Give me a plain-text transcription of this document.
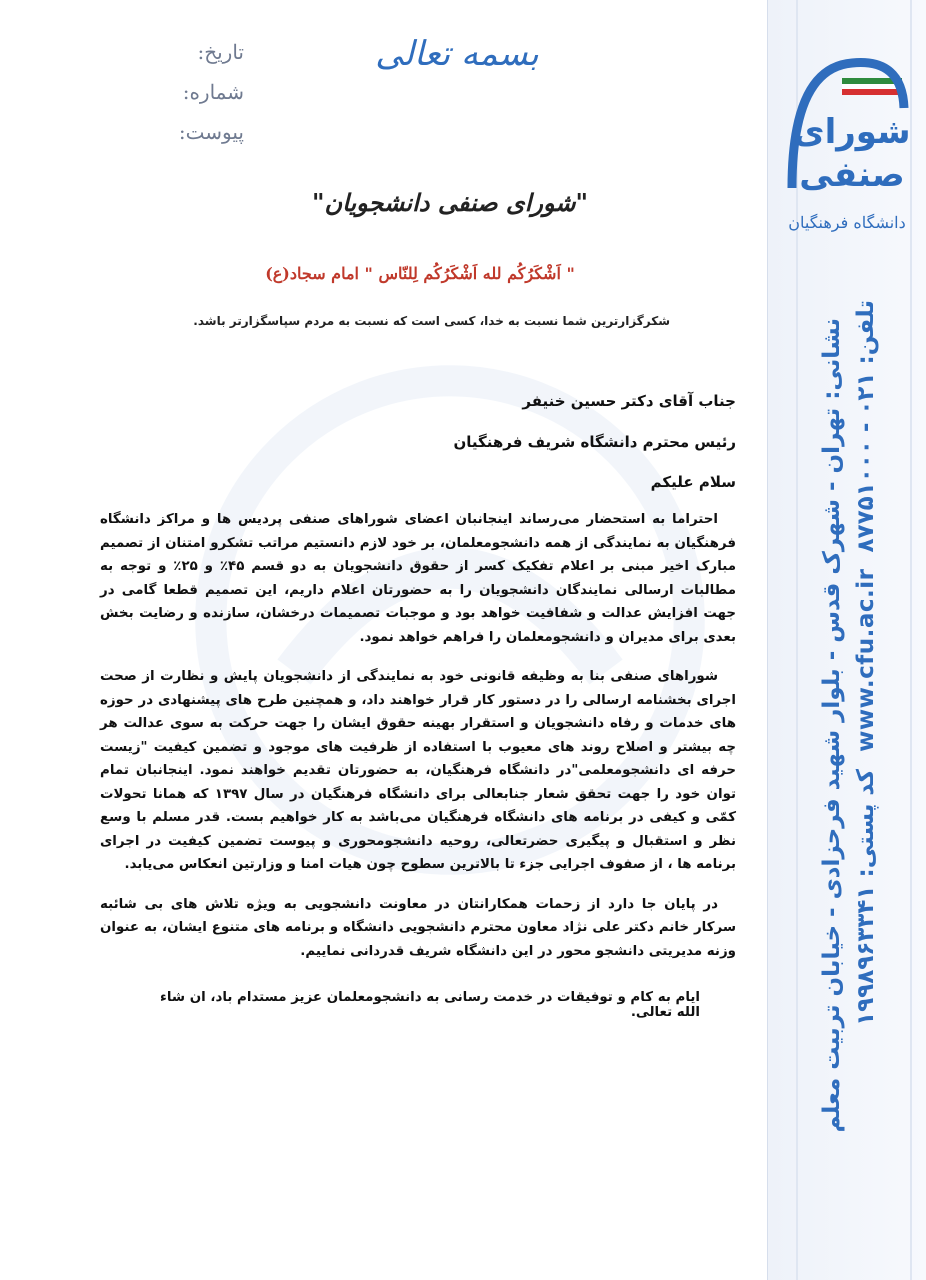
شورای
صنفی
دانشگاه فرهنگیان
نشانی: تهران - شهرک قدس - بلوار شهید فرحزادی - خیابان تربیت معلم تلفن: ۰۲۱ - ۸۷۷۵۱۰۰۰  www.cfu.ac.ir  کد پستی: ۱۹۹۸۹۶۳۳۴۱
تاریخ:
شماره:
پیوست:
بسمه تعالی
"شورای صنفی دانشجویان"
" اَشْکَرُکُم لله اَشْکَرُکُم لِلنّاس " امام سجاد(ع)
شکرگزارترین شما نسبت به خدا، کسی است که نسبت به مردم سپاسگزارتر باشد.
جناب آقای دکتر حسین خنیفر
رئیس محترم دانشگاه شریف فرهنگیان
سلام علیکم

احتراما به استحضار می‌رساند اینجانبان اعضای شوراهای صنفی پردیس ها و مراکز دانشگاه فرهنگیان به نمایندگی از همه دانشجومعلمان، بر خود لازم دانستیم مراتب تشکرو امتنان از تصمیم مبارک اخیر مبنی بر اعلام تفکیک کسر از حقوق دانشجویان به دو قسم ۴۵٪ و ۲۵٪ و توجه به مطالبات ارسالی نمایندگان دانشجویان را به حضورتان اعلام داریم، این تصمیم قطعا گامی در جهت افزایش عدالت و شفافیت خواهد بود و موجبات تصمیمات درخشان، سازنده و رضایت بخش بعدی برای مدیران و دانشجومعلمان را فراهم خواهد نمود.

شوراهای صنفی بنا به وظیفه قانونی خود به نمایندگی از دانشجویان پایش و نظارت از صحت اجرای بخشنامه ارسالی را در دستور کار قرار خواهند داد، و همچنین طرح های پیشنهادی در حوزه های خدمات و رفاه دانشجویان و استقرار بهینه حقوق ایشان را جهت حرکت به سوی عدالت هر چه بیشتر و اصلاح روند های معیوب با استفاده از ظرفیت های موجود و تضمین کیفیت "زیست حرفه ای دانشجومعلمی"در دانشگاه فرهنگیان، به حضورتان تقدیم خواهند نمود. اینجانبان تمام توان خود را جهت تحقق شعار جنابعالی برای دانشگاه فرهنگیان در سال ۱۳۹۷ که همانا تحولات کمّی و کیفی در برنامه های دانشگاه فرهنگیان می‌باشد به کار خواهیم بست. قدر مسلم با وسع نظر و استقبال و پیگیری حضرتعالی، روحیه دانشجومحوری و پیوست تضمین کیفیت در اجرای برنامه ها ، از صفوف اجرایی جزء تا بالاترین سطوح چون هیات امنا و وزارتین انعکاس می‌یابد.

در پایان جا دارد از زحمات همکارانتان در معاونت دانشجویی به ویژه تلاش های بی شائبه سرکار خانم دکتر علی نژاد معاون محترم دانشجویی دانشگاه و برنامه های متنوع ایشان، به عنوان وزنه مدیریتی دانشجو محور در این دانشگاه شریف قدردانی نماییم.

ایام به کام و توفیقات در خدمت رسانی به دانشجومعلمان عزیز مستدام باد، ان شاء الله تعالی.
